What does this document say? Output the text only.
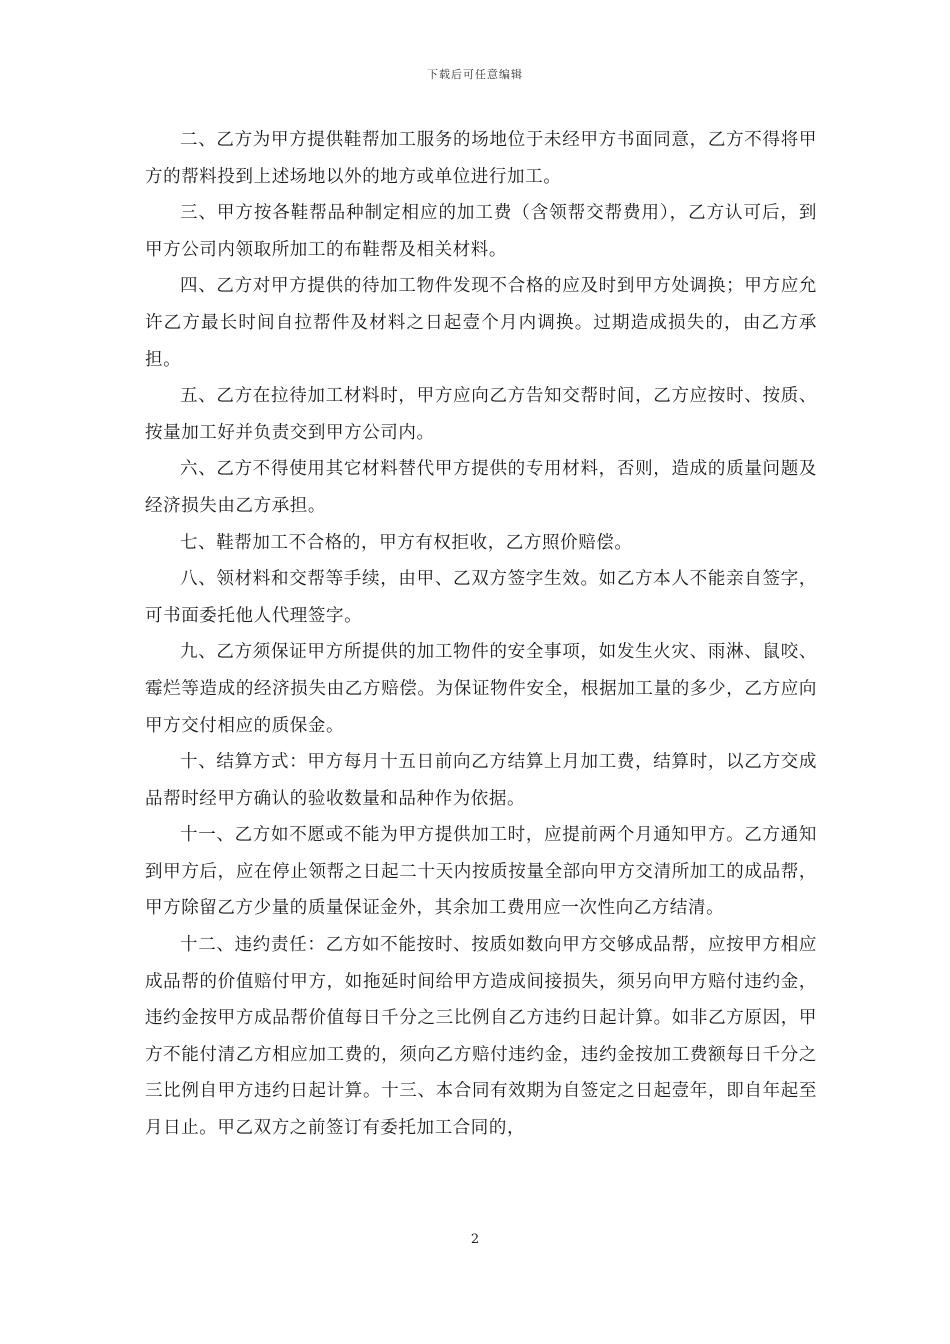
下载后可任意编辑

二、乙方为甲方提供鞋帮加工服务的场地位于未经甲方书面同意，乙方不得将甲方的帮料投到上述场地以外的地方或单位进行加工。

三、甲方按各鞋帮品种制定相应的加工费（含领帮交帮费用），乙方认可后，到甲方公司内领取所加工的布鞋帮及相关材料。

四、乙方对甲方提供的待加工物件发现不合格的应及时到甲方处调换；甲方应允许乙方最长时间自拉帮件及材料之日起壹个月内调换。过期造成损失的，由乙方承担。

五、乙方在拉待加工材料时，甲方应向乙方告知交帮时间，乙方应按时、按质、按量加工好并负责交到甲方公司内。

六、乙方不得使用其它材料替代甲方提供的专用材料，否则，造成的质量问题及经济损失由乙方承担。

七、鞋帮加工不合格的，甲方有权拒收，乙方照价赔偿。

八、领材料和交帮等手续，由甲、乙双方签字生效。如乙方本人不能亲自签字，可书面委托他人代理签字。

九、乙方须保证甲方所提供的加工物件的安全事项，如发生火灾、雨淋、鼠咬、霉烂等造成的经济损失由乙方赔偿。为保证物件安全，根据加工量的多少，乙方应向甲方交付相应的质保金。

十、结算方式：甲方每月十五日前向乙方结算上月加工费，结算时，以乙方交成品帮时经甲方确认的验收数量和品种作为依据。

十一、乙方如不愿或不能为甲方提供加工时，应提前两个月通知甲方。乙方通知到甲方后，应在停止领帮之日起二十天内按质按量全部向甲方交清所加工的成品帮，甲方除留乙方少量的质量保证金外，其余加工费用应一次性向乙方结清。

十二、违约责任：乙方如不能按时、按质如数向甲方交够成品帮，应按甲方相应成品帮的价值赔付甲方，如拖延时间给甲方造成间接损失，须另向甲方赔付违约金，违约金按甲方成品帮价值每日千分之三比例自乙方违约日起计算。如非乙方原因，甲方不能付清乙方相应加工费的，须向乙方赔付违约金，违约金按加工费额每日千分之三比例自甲方违约日起计算。十三、本合同有效期为自签定之日起壹年，即自年起至月日止。甲乙双方之前签订有委托加工合同的，

2
